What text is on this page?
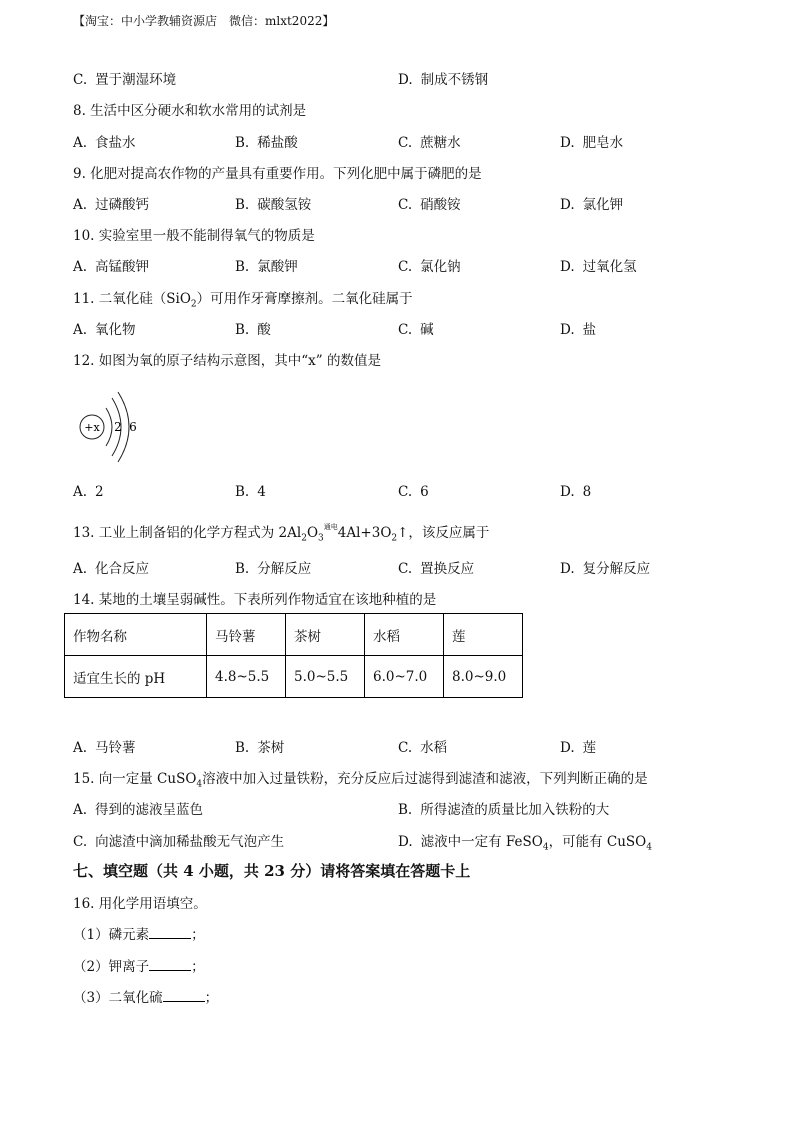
【淘宝：中小学教辅资源店　微信：mlxt2022】
C. 置于潮湿环境	D. 制成不锈钢
8. 生活中区分硬水和软水常用的试剂是
A. 食盐水	B. 稀盐酸	C. 蔗糖水	D. 肥皂水
9. 化肥对提高农作物的产量具有重要作用。下列化肥中属于磷肥的是
A. 过磷酸钙	B. 碳酸氢铵	C. 硝酸铵	D. 氯化钾
10. 实验室里一般不能制得氧气的物质是
A. 高锰酸钾	B. 氯酸钾	C. 氯化钠	D. 过氧化氢
11. 二氧化硅（SiO$_2$）可用作牙膏摩擦剂。二氧化硅属于
A. 氧化物	B. 酸	C. 碱	D. 盐
12. 如图为氧的原子结构示意图，其中“x” 的数值是
+x 2 6
A. 2	B. 4	C. 6	D. 8
13. 工业上制备铝的化学方程式为 $2Al_2O_3^{通电}4Al+3O_2↑$，该反应属于
A. 化合反应	B. 分解反应	C. 置换反应	D. 复分解反应
14. 某地的土壤呈弱碱性。下表所列作物适宜在该地种植的是
作物名称	马铃薯	茶树	水稻	莲
适宜生长的 pH	4.8~5.5	5.0~5.5	6.0~7.0	8.0~9.0
A. 马铃薯	B. 茶树	C. 水稻	D. 莲
15. 向一定量 CuSO$_4$溶液中加入过量铁粉，充分反应后过滤得到滤渣和滤液，下列判断正确的是
A. 得到的滤液呈蓝色	B. 所得滤渣的质量比加入铁粉的大
C. 向滤渣中滴加稀盐酸无气泡产生	D. 滤液中一定有 FeSO$_4$，可能有 CuSO$_4$
七、填空题（共 4 小题，共 23 分）请将答案填在答题卡上
16. 用化学用语填空。
（1）磷元素	；
（2）钾离子	；
（3）二氧化硫	；
